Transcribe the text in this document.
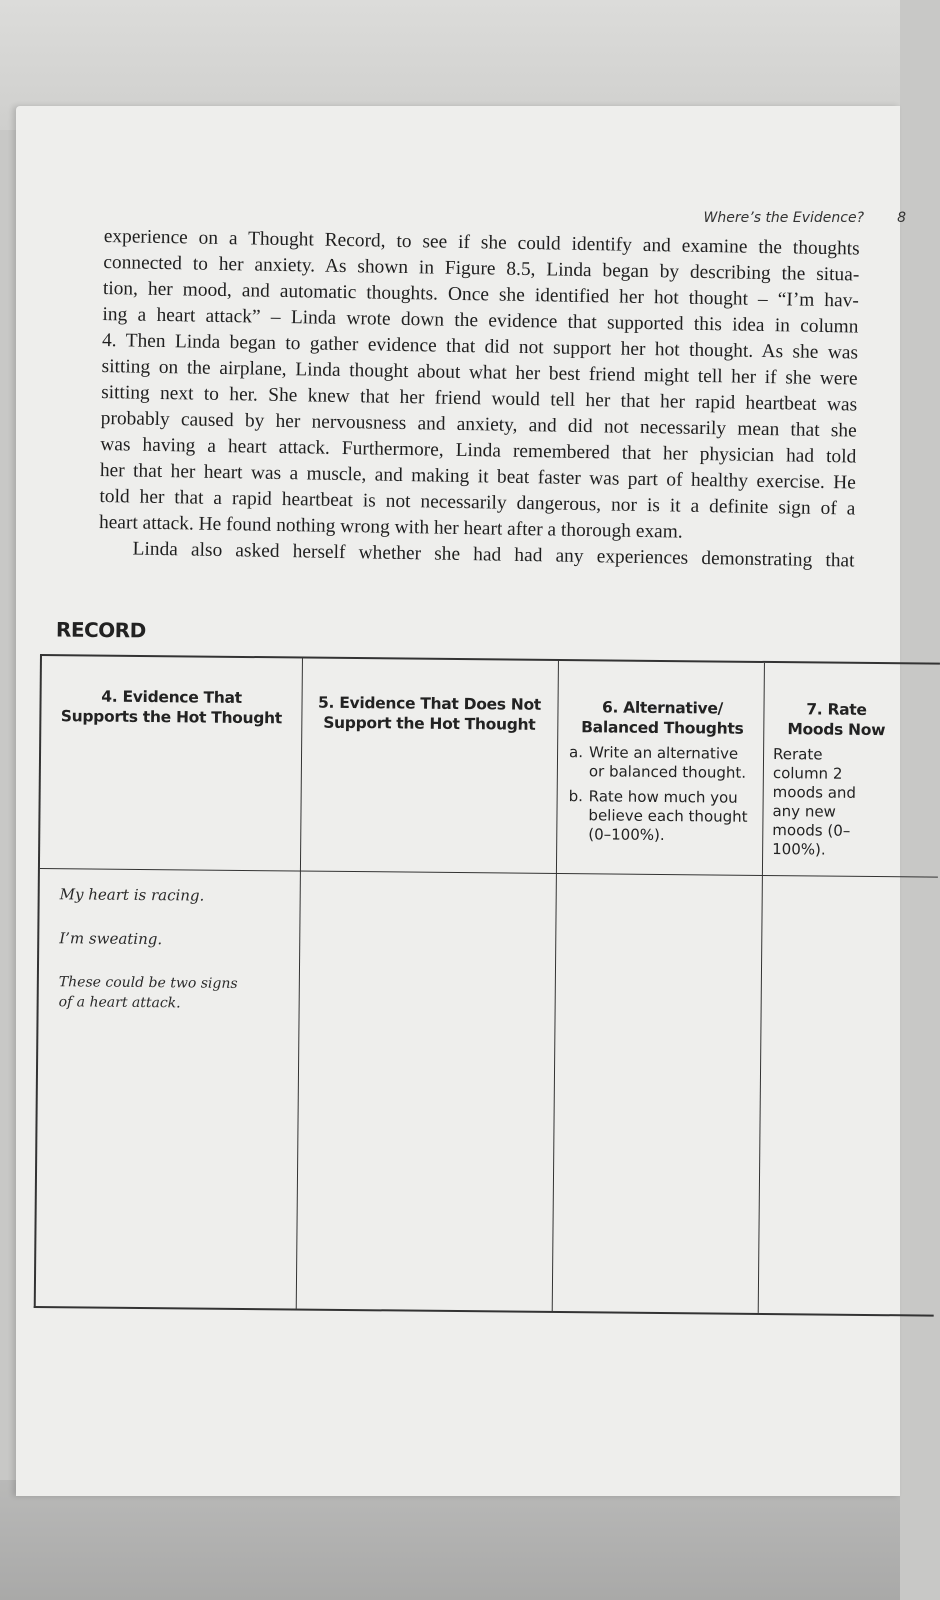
Where’s the Evidence? 8

experience on a Thought Record, to see if she could identify and examine the thoughts

connected to her anxiety. As shown in Figure 8.5, Linda began by describing the situa-

tion, her mood, and automatic thoughts. Once she identified her hot thought – “I’m hav-

ing a heart attack” – Linda wrote down the evidence that supported this idea in column

4. Then Linda began to gather evidence that did not support her hot thought. As she was

sitting on the airplane, Linda thought about what her best friend might tell her if she were

sitting next to her. She knew that her friend would tell her that her rapid heartbeat was

probably caused by her nervousness and anxiety, and did not necessarily mean that she

was having a heart attack. Furthermore, Linda remembered that her physician had told

her that her heart was a muscle, and making it beat faster was part of healthy exercise. He

told her that a rapid heartbeat is not necessarily dangerous, nor is it a definite sign of a

heart attack. He found nothing wrong with her heart after a thorough exam.

Linda also asked herself whether she had had any experiences demonstrating that

RECORD
4. Evidence That
Supports the Hot Thought
5. Evidence That Does Not
Support the Hot Thought
6. Alternative/
Balanced Thoughts
a. Write an alternative or balanced thought.
b. Rate how much you believe each thought (0–100%).
7. Rate
Moods Now
Rerate column 2 moods and any new moods (0–100%).
My heart is racing.
I’m sweating.
These could be two signs
of a heart attack.
